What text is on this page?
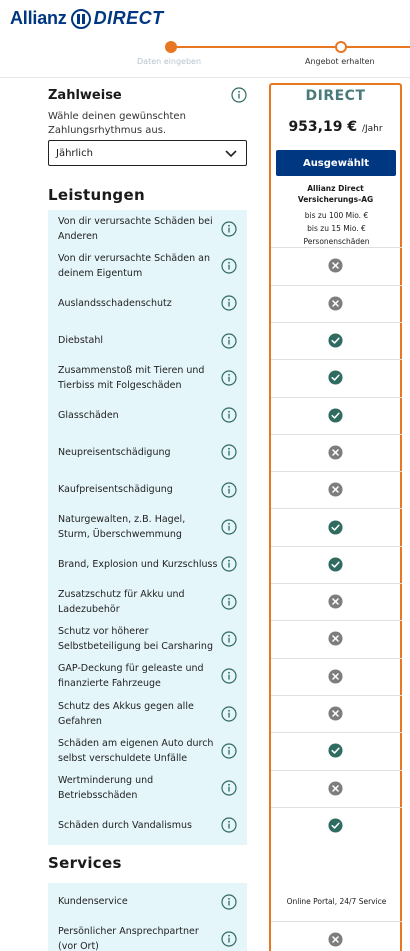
Allianz DIRECT
Daten eingeben	Angebot erhalten
Zahlweise
Wähle deinen gewünschten Zahlungsrhythmus aus.
Jährlich
DIRECT
953,19 € /Jahr
Ausgewählt
Allianz Direct
Versicherungs-AG
Leistungen
Services
Von dir verursachte Schäden bei Anderen
bis zu 100 Mio. €
bis zu 15 Mio. €
Personenschäden
Von dir verursachte Schäden an deinem Eigentum
Auslandsschadenschutz
Diebstahl
Zusammenstoß mit Tieren und Tierbiss mit Folgeschäden
Glasschäden
Neupreisentschädigung
Kaufpreisentschädigung
Naturgewalten, z.B. Hagel, Sturm, Überschwemmung
Brand, Explosion und Kurzschluss
Zusatzschutz für Akku und Ladezubehör
Schutz vor höherer Selbstbeteiligung bei Carsharing
GAP-Deckung für geleaste und finanzierte Fahrzeuge
Schutz des Akkus gegen alle Gefahren
Schäden am eigenen Auto durch selbst verschuldete Unfälle
Wertminderung und Betriebsschäden
Schäden durch Vandalismus
Kundenservice	Online Portal, 24/7 Service
Persönlicher Ansprechpartner (vor Ort)
